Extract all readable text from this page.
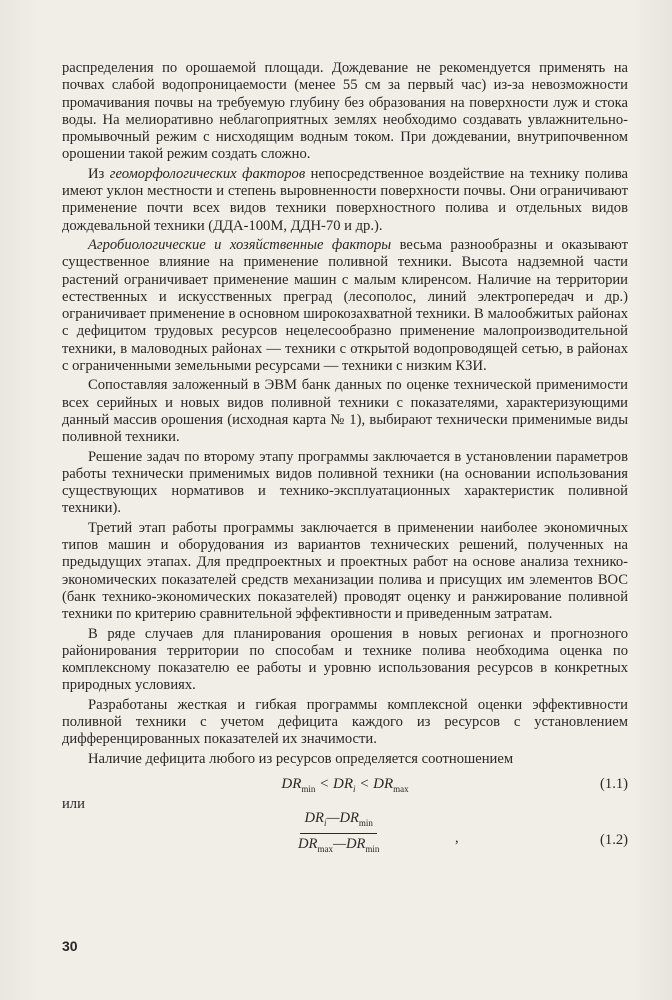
распределения по орошаемой площади. Дождевание не рекомендуется применять на почвах слабой водопроницаемости (менее 55 см за первый час) из-за невозможности промачивания почвы на требуемую глубину без образования на поверхности луж и стока воды. На мелиоративно неблагоприятных землях необходимо создавать увлажнительно-промывочный режим с нисходящим водным током. При дождевании, внутрипочвенном орошении такой режим создать сложно.

Из геоморфологических факторов непосредственное воздействие на технику полива имеют уклон местности и степень выровненности поверхности почвы. Они ограничивают применение почти всех видов техники поверхностного полива и отдельных видов дождевальной техники (ДДА-100М, ДДН-70 и др.).

Агробиологические и хозяйственные факторы весьма разнообразны и оказывают существенное влияние на применение поливной техники. Высота надземной части растений ограничивает применение машин с малым клиренсом. Наличие на территории естественных и искусственных преград (лесополос, линий электропередач и др.) ограничивает применение в основном широкозахватной техники. В малообжитых районах с дефицитом трудовых ресурсов нецелесообразно применение малопроизводительной техники, в маловодных районах — техники с открытой водопроводящей сетью, в районах с ограниченными земельными ресурсами — техники с низким КЗИ.

Сопоставляя заложенный в ЭВМ банк данных по оценке технической применимости всех серийных и новых видов поливной техники с показателями, характеризующими данный массив орошения (исходная карта № 1), выбирают технически применимые виды поливной техники.

Решение задач по второму этапу программы заключается в установлении параметров работы технически применимых видов поливной техники (на основании использования существующих нормативов и технико-эксплуатационных характеристик поливной техники).

Третий этап работы программы заключается в применении наиболее экономичных типов машин и оборудования из вариантов технических решений, полученных на предыдущих этапах. Для предпроектных и проектных работ на основе анализа технико-экономических показателей средств механизации полива и присущих им элементов ВОС (банк технико-экономических показателей) проводят оценку и ранжирование поливной техники по критерию сравнительной эффективности и приведенным затратам.

В ряде случаев для планирования орошения в новых регионах и прогнозного районирования территории по способам и технике полива необходима оценка по комплексному показателю ее работы и уровню использования ресурсов в конкретных природных условиях.

Разработаны жесткая и гибкая программы комплексной оценки эффективности поливной техники с учетом дефицита каждого из ресурсов с установлением дифференцированных показателей их значимости.

Наличие дефицита любого из ресурсов определяется соотношением

$DR_{min} < DR_i < DR_{max}$	(1.1)
или
$DR_i—DR_{min}$
$DR_{max}—DR_{min}$
,	(1.2)
30
